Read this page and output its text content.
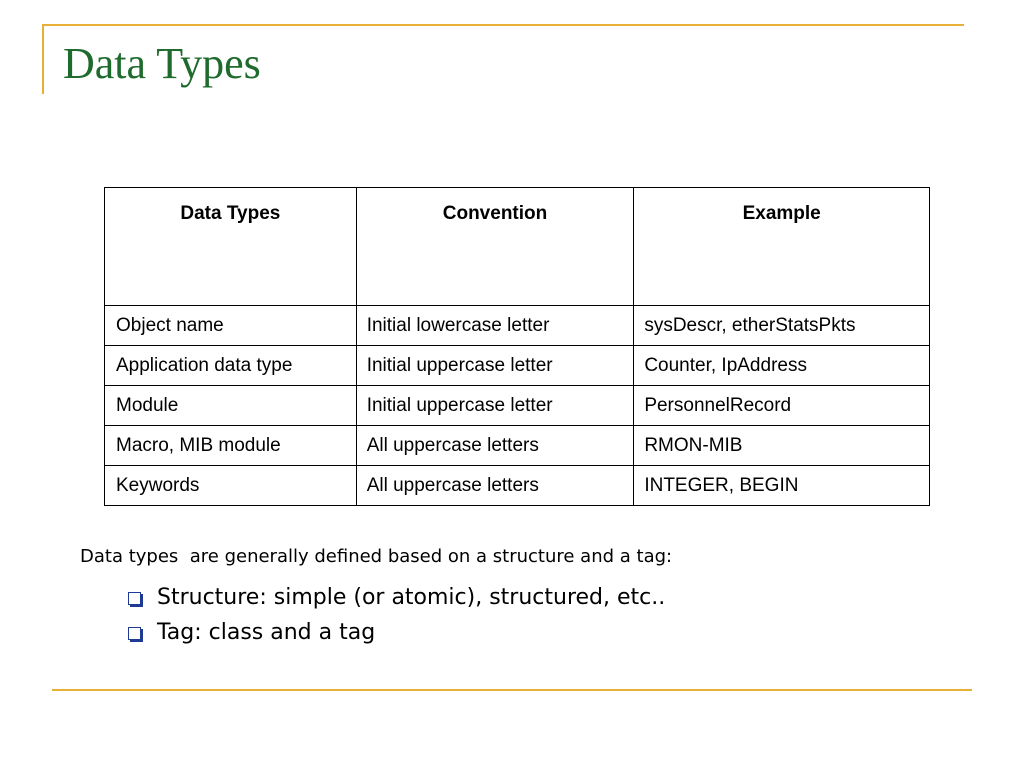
Data Types
Data Types	Convention	Example
Object name	Initial lowercase letter	sysDescr, etherStatsPkts
Application data type	Initial uppercase letter	Counter, IpAddress
Module	Initial uppercase letter	PersonnelRecord
Macro, MIB module	All uppercase letters	RMON-MIB
Keywords	All uppercase letters	INTEGER, BEGIN
Data types  are generally defined based on a structure and a tag:
Structure: simple (or atomic), structured, etc..
Tag: class and a tag
